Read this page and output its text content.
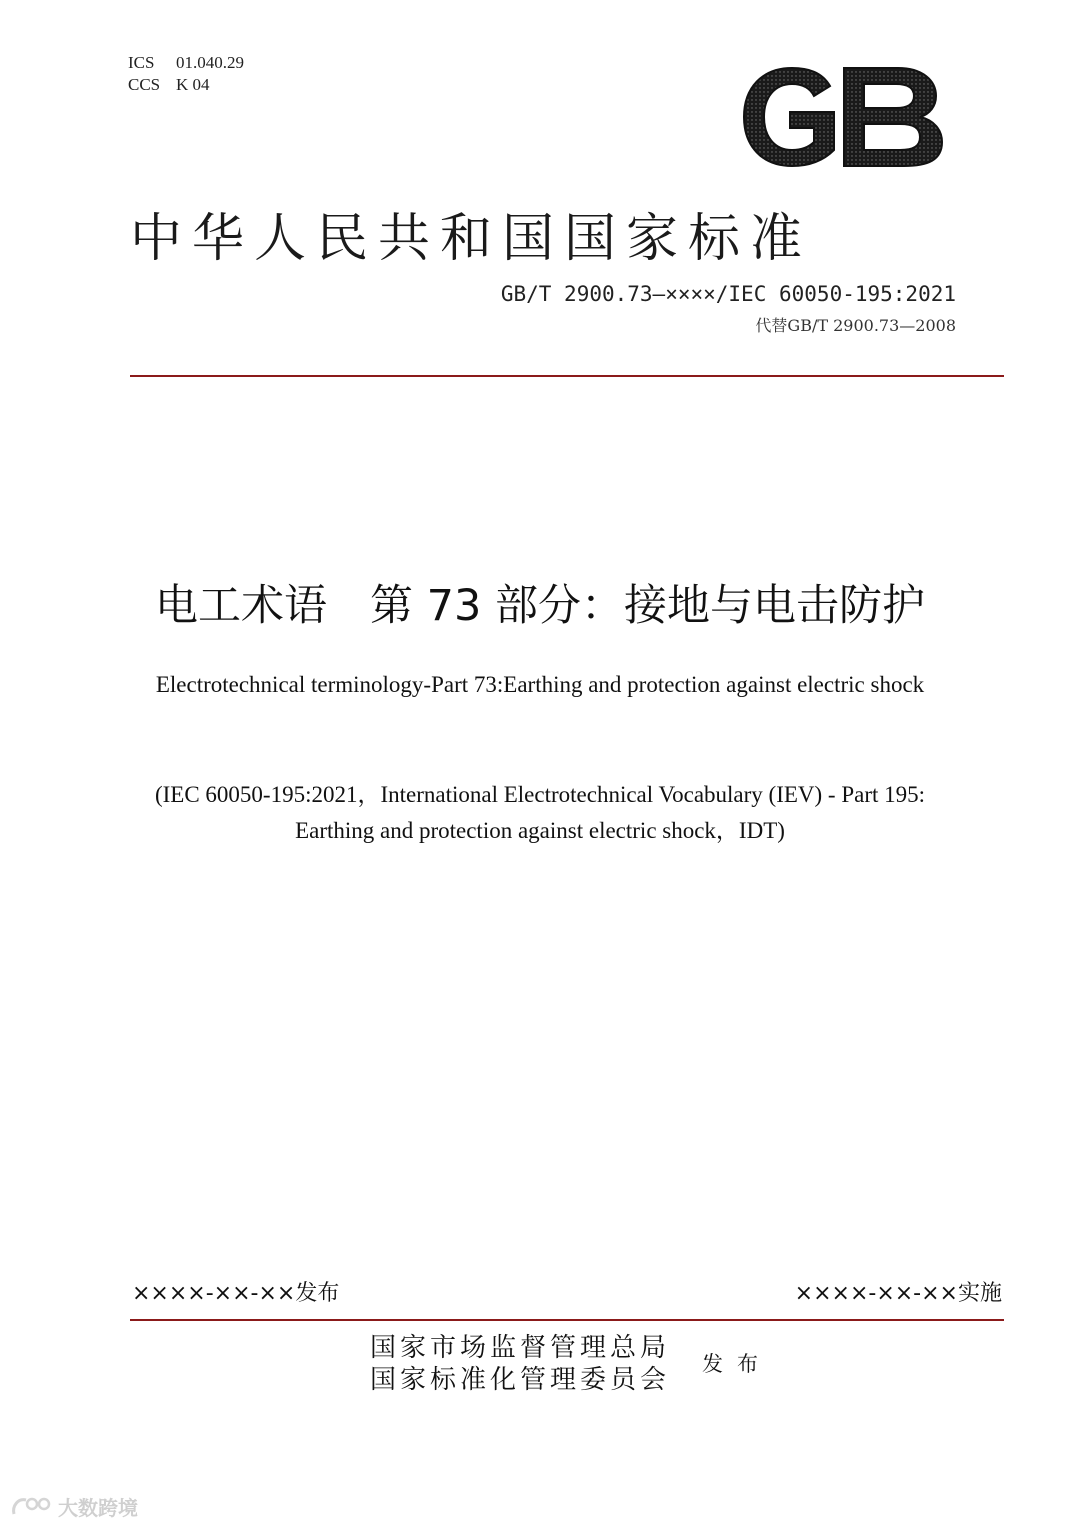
ICS 01.040.29
CCS K 04
中华人民共和国国家标准
GB/T 2900.73—××××/IEC 60050-195:2021
代替GB/T 2900.73—2008
电工术语　第 73 部分：接地与电击防护
Electrotechnical terminology-Part 73:Earthing and protection against electric shock
(IEC 60050-195:2021，International Electrotechnical Vocabulary (IEV) - Part 195:
Earthing and protection against electric shock，IDT)
××××-××-××发布	××××-××-××实施
国家市场监督管理总局
国家标准化管理委员会
发布
大数跨境
